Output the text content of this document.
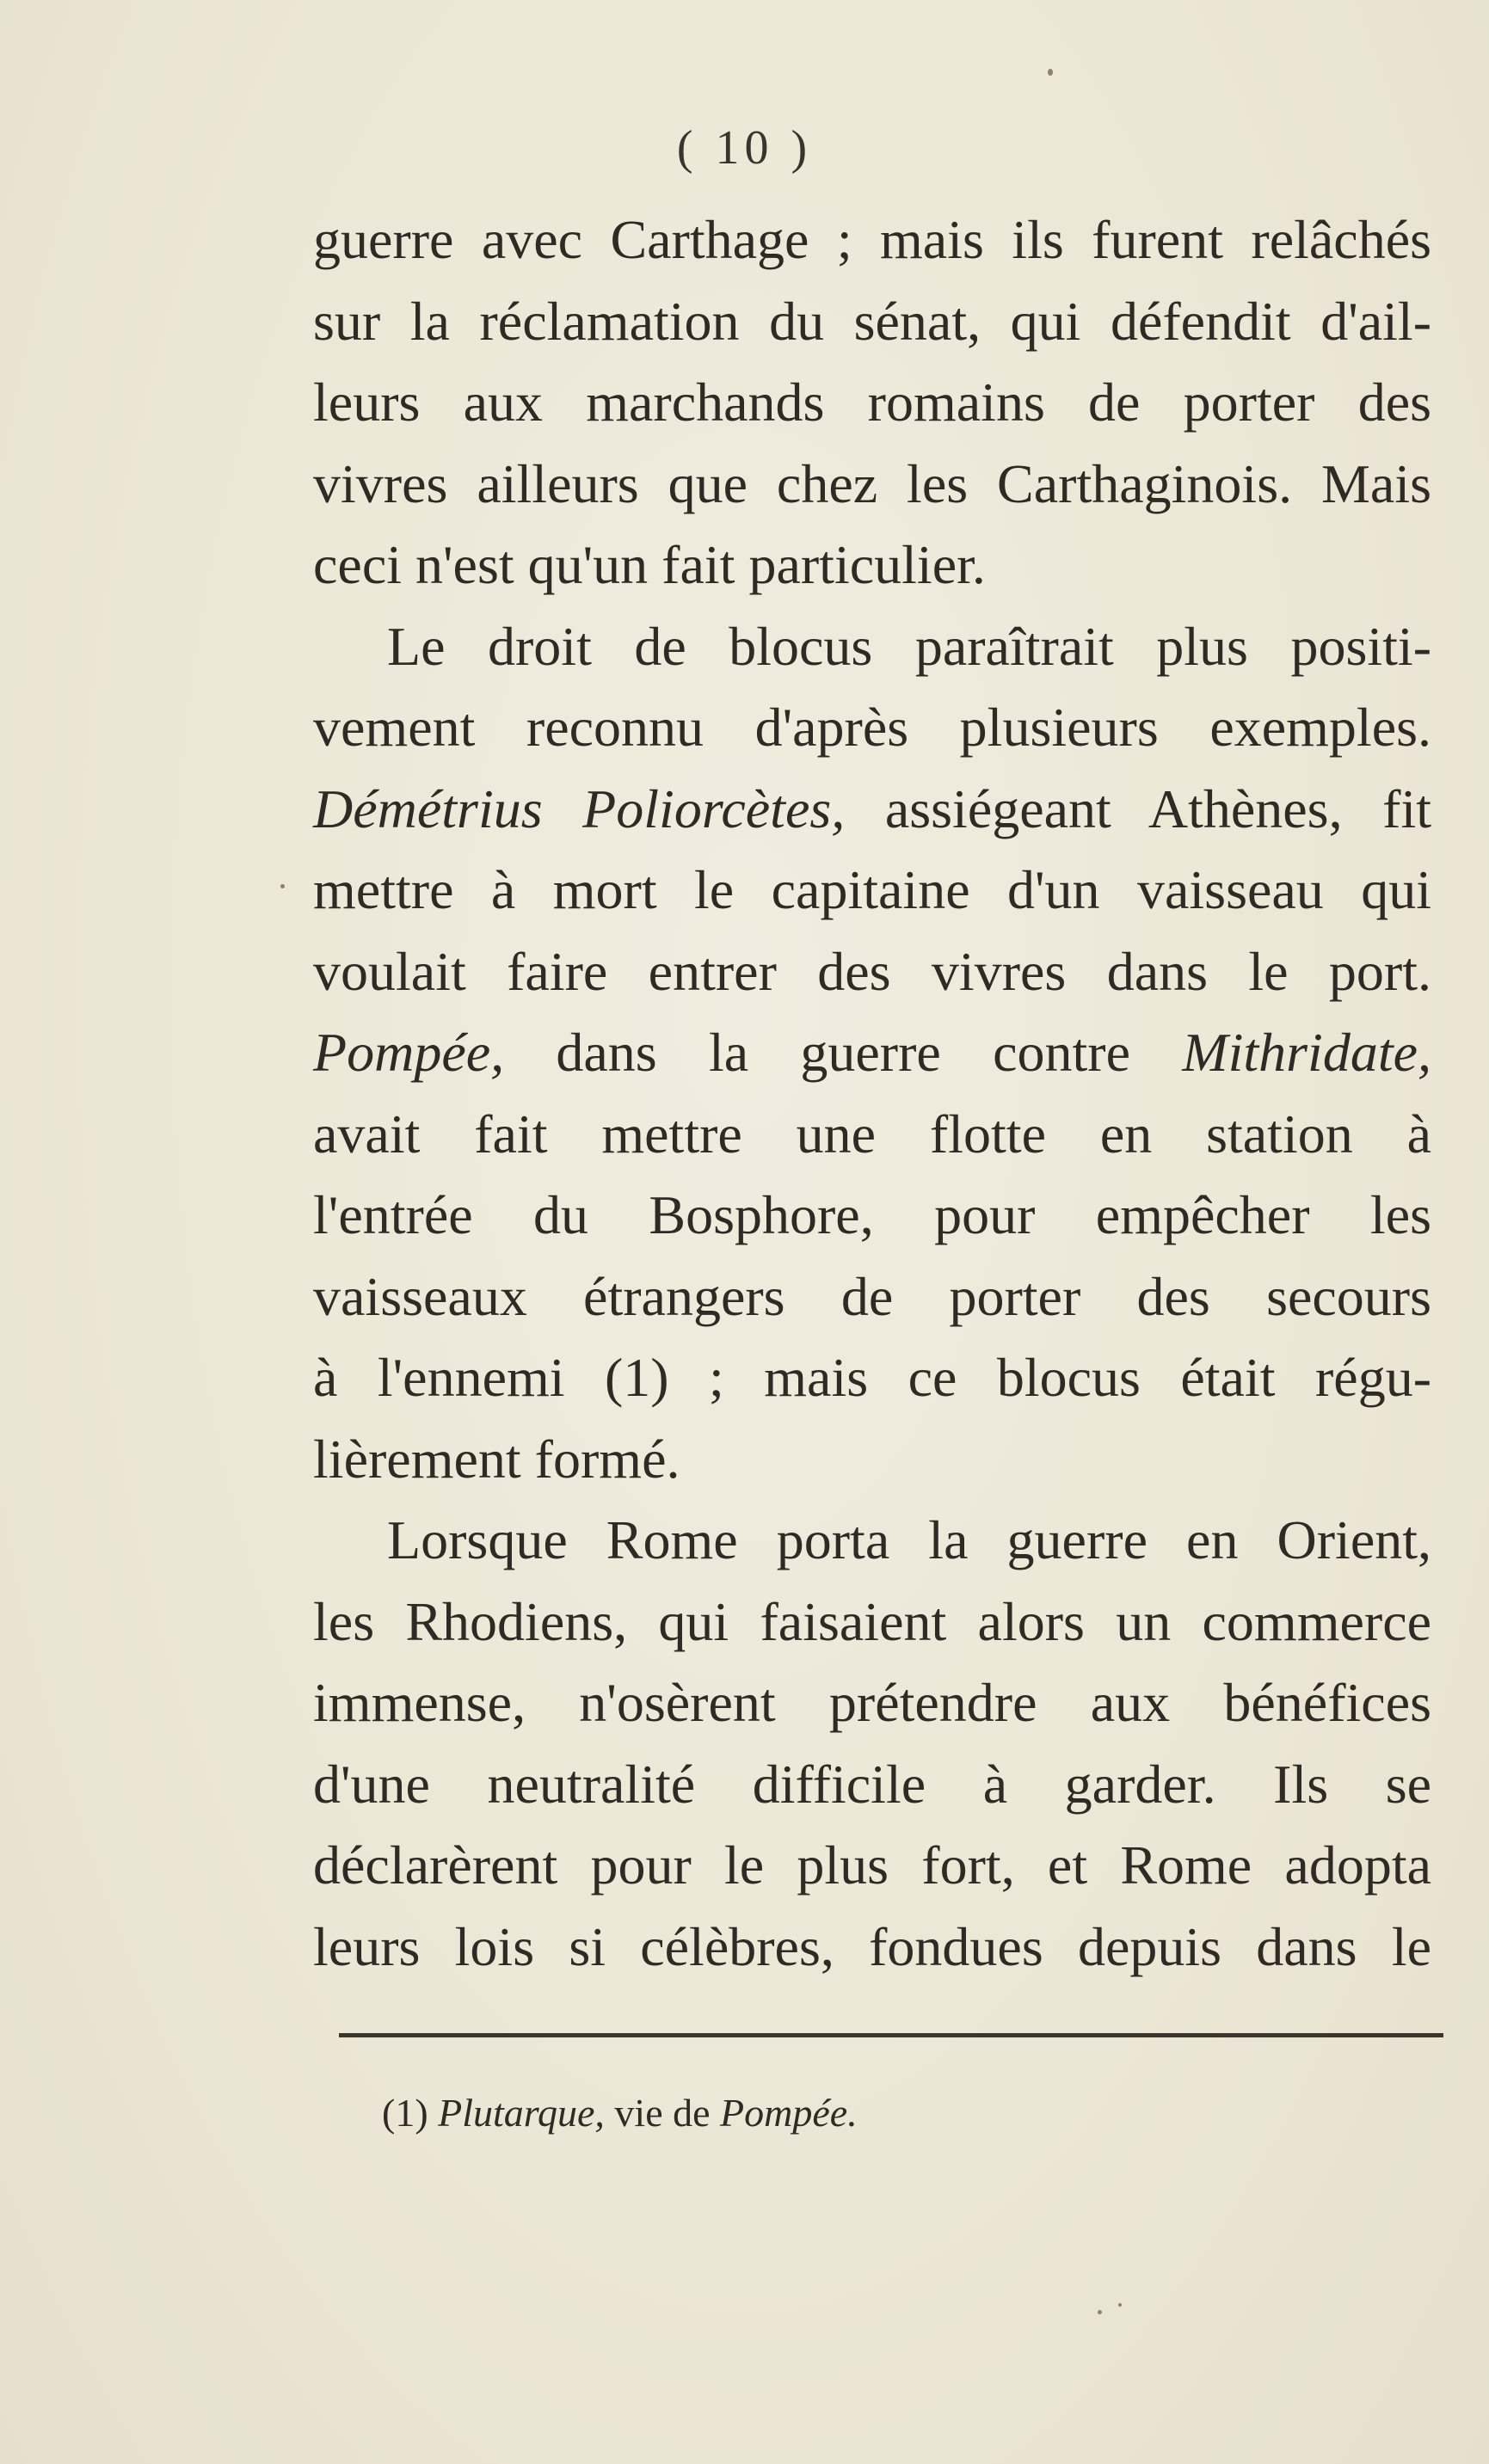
( 10 )
guerre avec Carthage ; mais ils furent relâchés
sur la réclamation du sénat, qui défendit d'ail-
leurs aux marchands romains de porter des
vivres ailleurs que chez les Carthaginois. Mais
ceci n'est qu'un fait particulier.
Le droit de blocus paraîtrait plus positi-
vement reconnu d'après plusieurs exemples.
Démétrius Poliorcètes, assiégeant Athènes, fit
mettre à mort le capitaine d'un vaisseau qui
voulait faire entrer des vivres dans le port.
Pompée, dans la guerre contre Mithridate,
avait fait mettre une flotte en station à
l'entrée du Bosphore, pour empêcher les
vaisseaux étrangers de porter des secours
à l'ennemi (1) ; mais ce blocus était régu-
lièrement formé.
Lorsque Rome porta la guerre en Orient,
les Rhodiens, qui faisaient alors un commerce
immense, n'osèrent prétendre aux bénéfices
d'une neutralité difficile à garder. Ils se
déclarèrent pour le plus fort, et Rome adopta
leurs lois si célèbres, fondues depuis dans le
(1) Plutarque, vie de Pompée.
